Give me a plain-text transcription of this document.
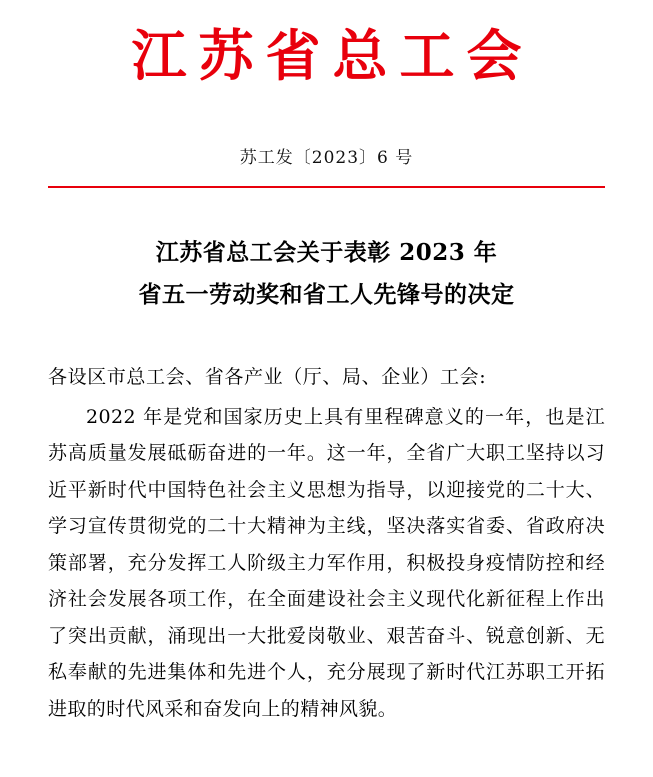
江苏省总工会
苏工发〔2023〕6 号
江苏省总工会关于表彰 2023 年
省五一劳动奖和省工人先锋号的决定
各设区市总工会、省各产业（厅、局、企业）工会:

2022 年是党和国家历史上具有里程碑意义的一年，也是江苏高质量发展砥砺奋进的一年。这一年，全省广大职工坚持以习近平新时代中国特色社会主义思想为指导，以迎接党的二十大、学习宣传贯彻党的二十大精神为主线，坚决落实省委、省政府决策部署，充分发挥工人阶级主力军作用，积极投身疫情防控和经济社会发展各项工作，在全面建设社会主义现代化新征程上作出了突出贡献，涌现出一大批爱岗敬业、艰苦奋斗、锐意创新、无私奉献的先进集体和先进个人，充分展现了新时代江苏职工开拓进取的时代风采和奋发向上的精神风貌。
